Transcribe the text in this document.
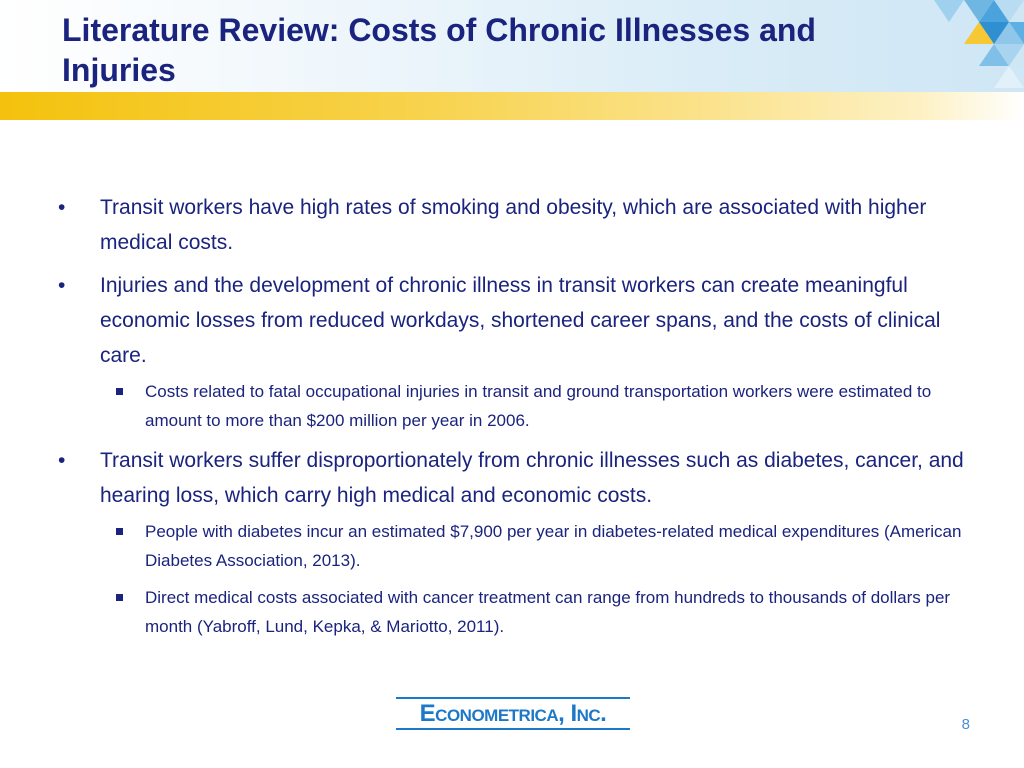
Literature Review: Costs of Chronic Illnesses and Injuries
•	Transit workers have high rates of smoking and obesity, which are associated with higher medical costs.
•	Injuries and the development of chronic illness in transit workers can create meaningful economic losses from reduced workdays, shortened career spans, and the costs of clinical care.
Costs related to fatal occupational injuries in transit and ground transportation workers were estimated to amount to more than $200 million per year in 2006.
•	Transit workers suffer disproportionately from chronic illnesses such as diabetes, cancer, and hearing loss, which carry high medical and economic costs.
People with diabetes incur an estimated $7,900 per year in diabetes-related medical expenditures (American Diabetes Association, 2013).
Direct medical costs associated with cancer treatment can range from hundreds to thousands of dollars per month (Yabroff, Lund, Kepka, & Mariotto, 2011).
Econometrica, Inc.	8
